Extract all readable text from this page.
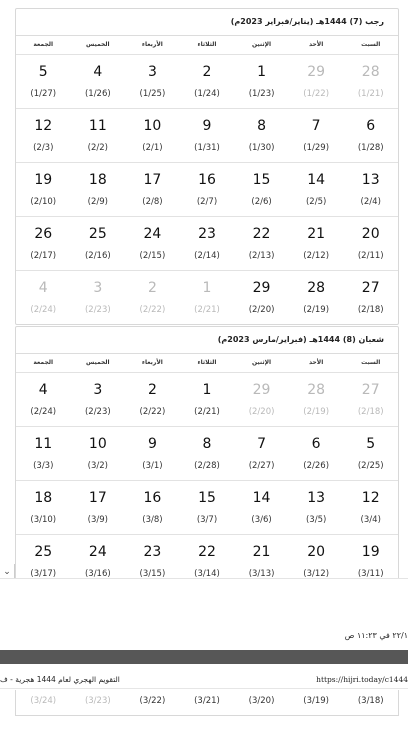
رجب (7) 1444هـ (يناير/فبراير 2023م)
السبت
الأحد
الإثنين
الثلاثاء
الأربعاء
الخميس
الجمعة
28
(1/21)
29
(1/22)
1
(1/23)
2
(1/24)
3
(1/25)
4
(1/26)
5
(1/27)
6
(1/28)
7
(1/29)
8
(1/30)
9
(1/31)
10
(2/1)
11
(2/2)
12
(2/3)
13
(2/4)
14
(2/5)
15
(2/6)
16
(2/7)
17
(2/8)
18
(2/9)
19
(2/10)
20
(2/11)
21
(2/12)
22
(2/13)
23
(2/14)
24
(2/15)
25
(2/16)
26
(2/17)
27
(2/18)
28
(2/19)
29
(2/20)
1
(2/21)
2
(2/22)
3
(2/23)
4
(2/24)
شعبان (8) 1444هـ (فبراير/مارس 2023م)
السبت
الأحد
الإثنين
الثلاثاء
الأربعاء
الخميس
الجمعة
27
(2/18)
28
(2/19)
29
(2/20)
1
(2/21)
2
(2/22)
3
(2/23)
4
(2/24)
5
(2/25)
6
(2/26)
7
(2/27)
8
(2/28)
9
(3/1)
10
(3/2)
11
(3/3)
12
(3/4)
13
(3/5)
14
(3/6)
15
(3/7)
16
(3/8)
17
(3/9)
18
(3/10)
19
(3/11)
20
(3/12)
21
(3/13)
22
(3/14)
23
(3/15)
24
(3/16)
25
(3/17)
⌄
٢٢/١ في ١١:٢٣ ص
التقويم الهجري لعام 1444 هجرية - ف	https://hijri.today/c1444
(3/18)
(3/19)
(3/20)
(3/21)
(3/22)
(3/23)
(3/24)
